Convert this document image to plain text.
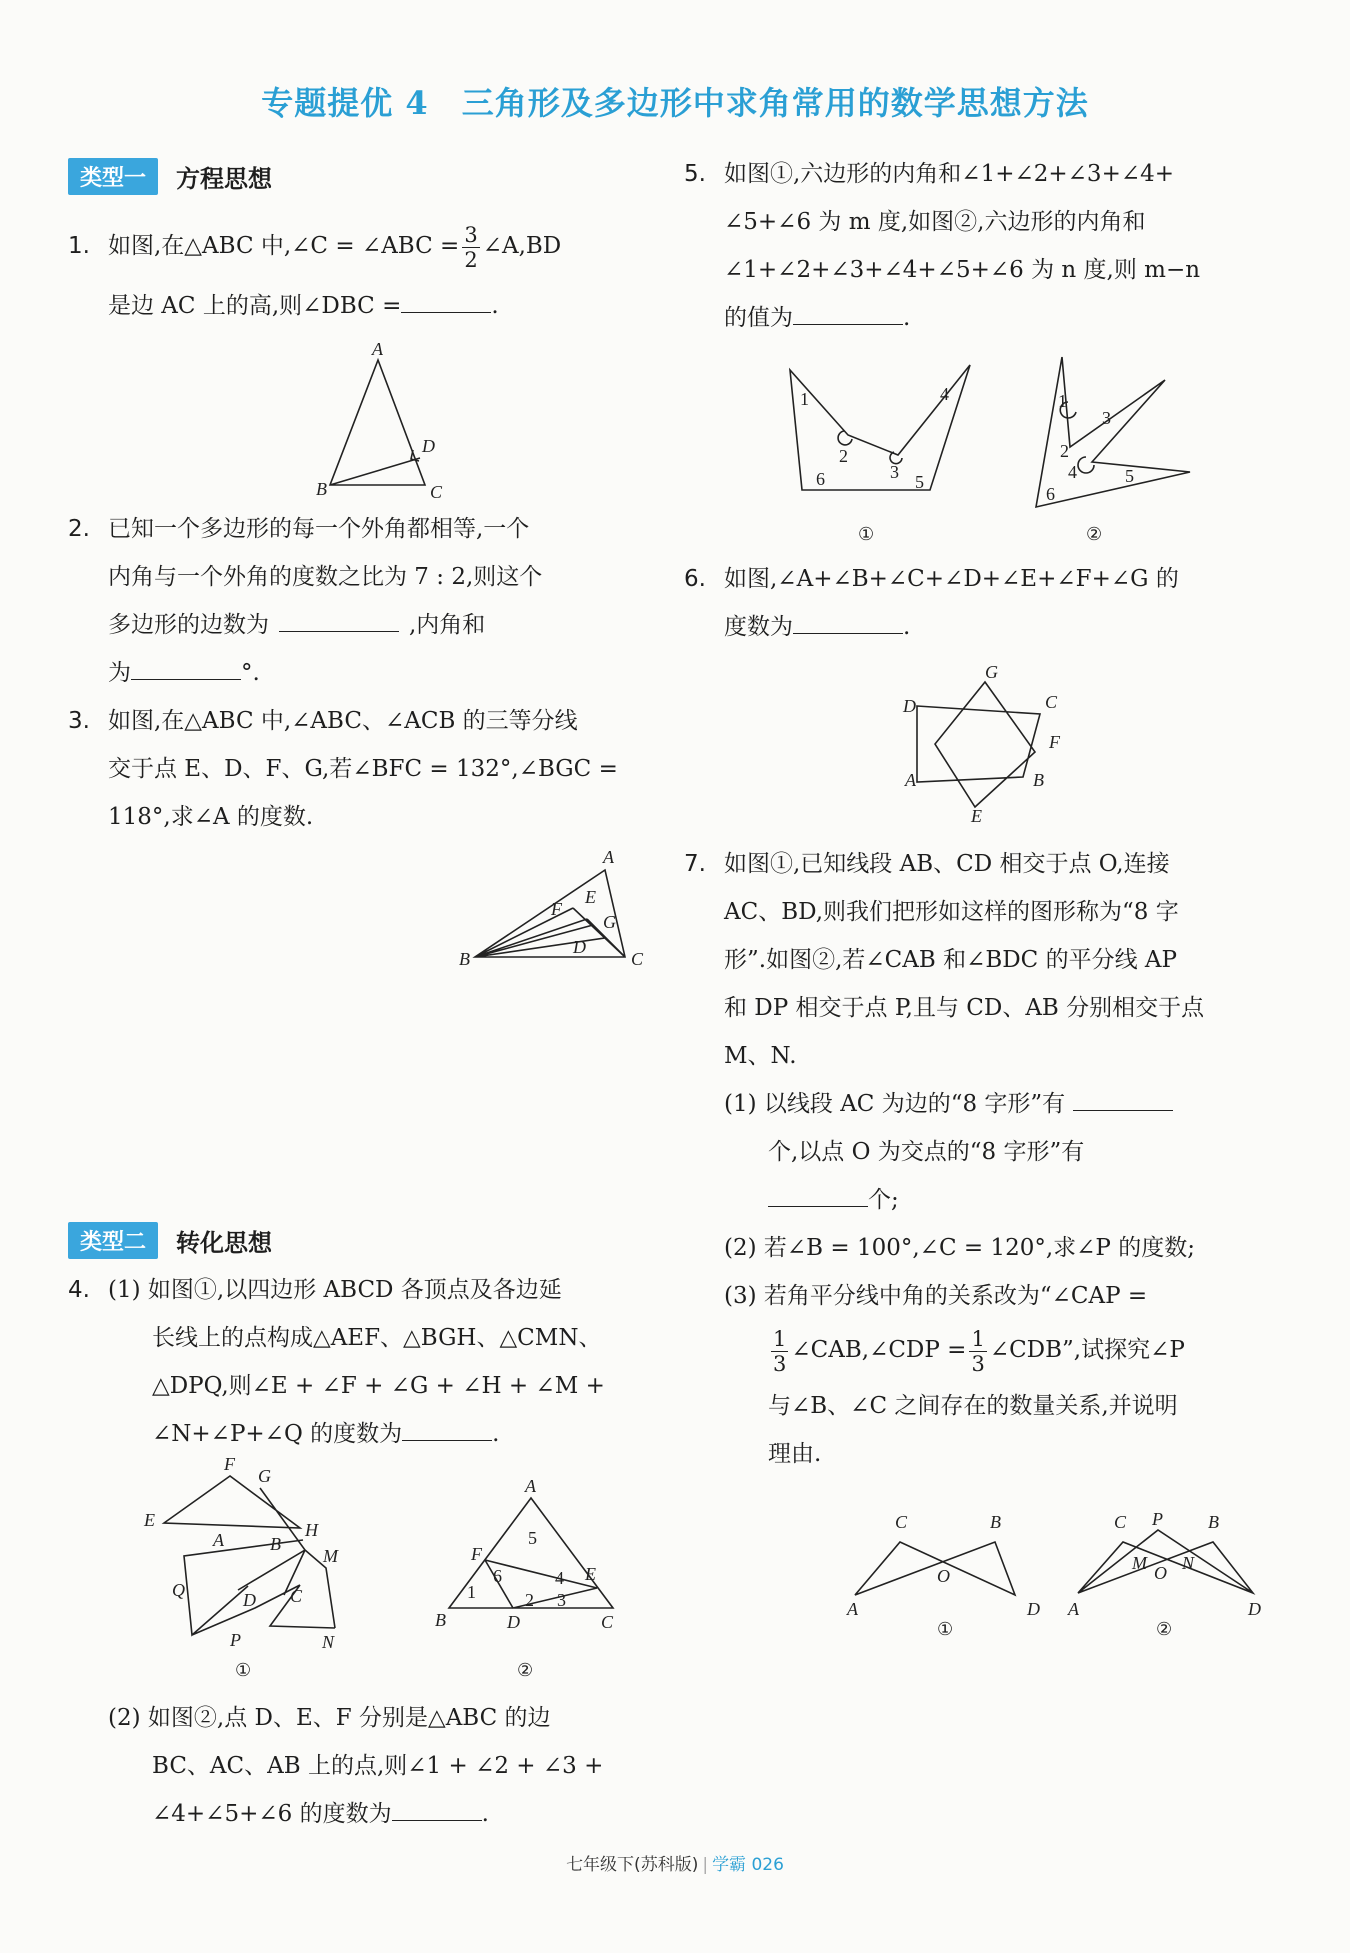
专题提优 4　三角形及多边形中求角常用的数学思想方法
类型一	方程思想
1. 如图,在△ABC 中,∠C = ∠ABC = $\frac{3}{2}$ ∠A,BD
是边 AC 上的高,则∠DBC =	.
A
B	C
D
2. 已知一个多边形的每一个外角都相等,一个
内角与一个外角的度数之比为 7 : 2,则这个
多边形的边数为	,内角和
为	°.
3. 如图,在△ABC 中,∠ABC、∠ACB 的三等分线
交于点 E、D、F、G,若∠BFC = 132°,∠BGC =
118°,求∠A 的度数.
A
B	C
E
F
G
D
类型二	转化思想
4. (1) 如图①,以四边形 ABCD 各顶点及各边延
长线上的点构成△AEF、△BGH、△CMN、
△DPQ,则∠E + ∠F + ∠G + ∠H + ∠M +
∠N+∠P+∠Q 的度数为	.
F
G
E
A	B
H
M
Q	D C
P	N
①
A
B	C
D
E
F
1	2 3
4
5
6
②
(2) 如图②,点 D、E、F 分别是△ABC 的边
BC、AC、AB 上的点,则∠1 + ∠2 + ∠3 +
∠4+∠5+∠6 的度数为	.
5. 如图①,六边形的内角和∠1+∠2+∠3+∠4+
∠5+∠6 为 m 度,如图②,六边形的内角和
∠1+∠2+∠3+∠4+∠5+∠6 为 n 度,则 m−n
的值为	.
1
2
3
4
5
6
①
1
2
3
4	5
6
②
6. 如图,∠A+∠B+∠C+∠D+∠E+∠F+∠G 的
度数为	.
G
D	C
F
A	B
E
7. 如图①,已知线段 AB、CD 相交于点 O,连接
AC、BD,则我们把形如这样的图形称为“8 字
形”.如图②,若∠CAB 和∠BDC 的平分线 AP
和 DP 相交于点 P,且与 CD、AB 分别相交于点
M、N.
(1) 以线段 AC 为边的“8 字形”有
个,以点 O 为交点的“8 字形”有
个;
(2) 若∠B = 100°,∠C = 120°,求∠P 的度数;
(3) 若角平分线中角的关系改为“∠CAP =
$\frac{1}{3}$ ∠CAB,∠CDP = $\frac{1}{3}$ ∠CDB”,试探究∠P
与∠B、∠C 之间存在的数量关系,并说明
理由.
C	B
A	D
O
①
C P	B
A	D
M O N
②
七年级下(苏科版) | 学霸 026
